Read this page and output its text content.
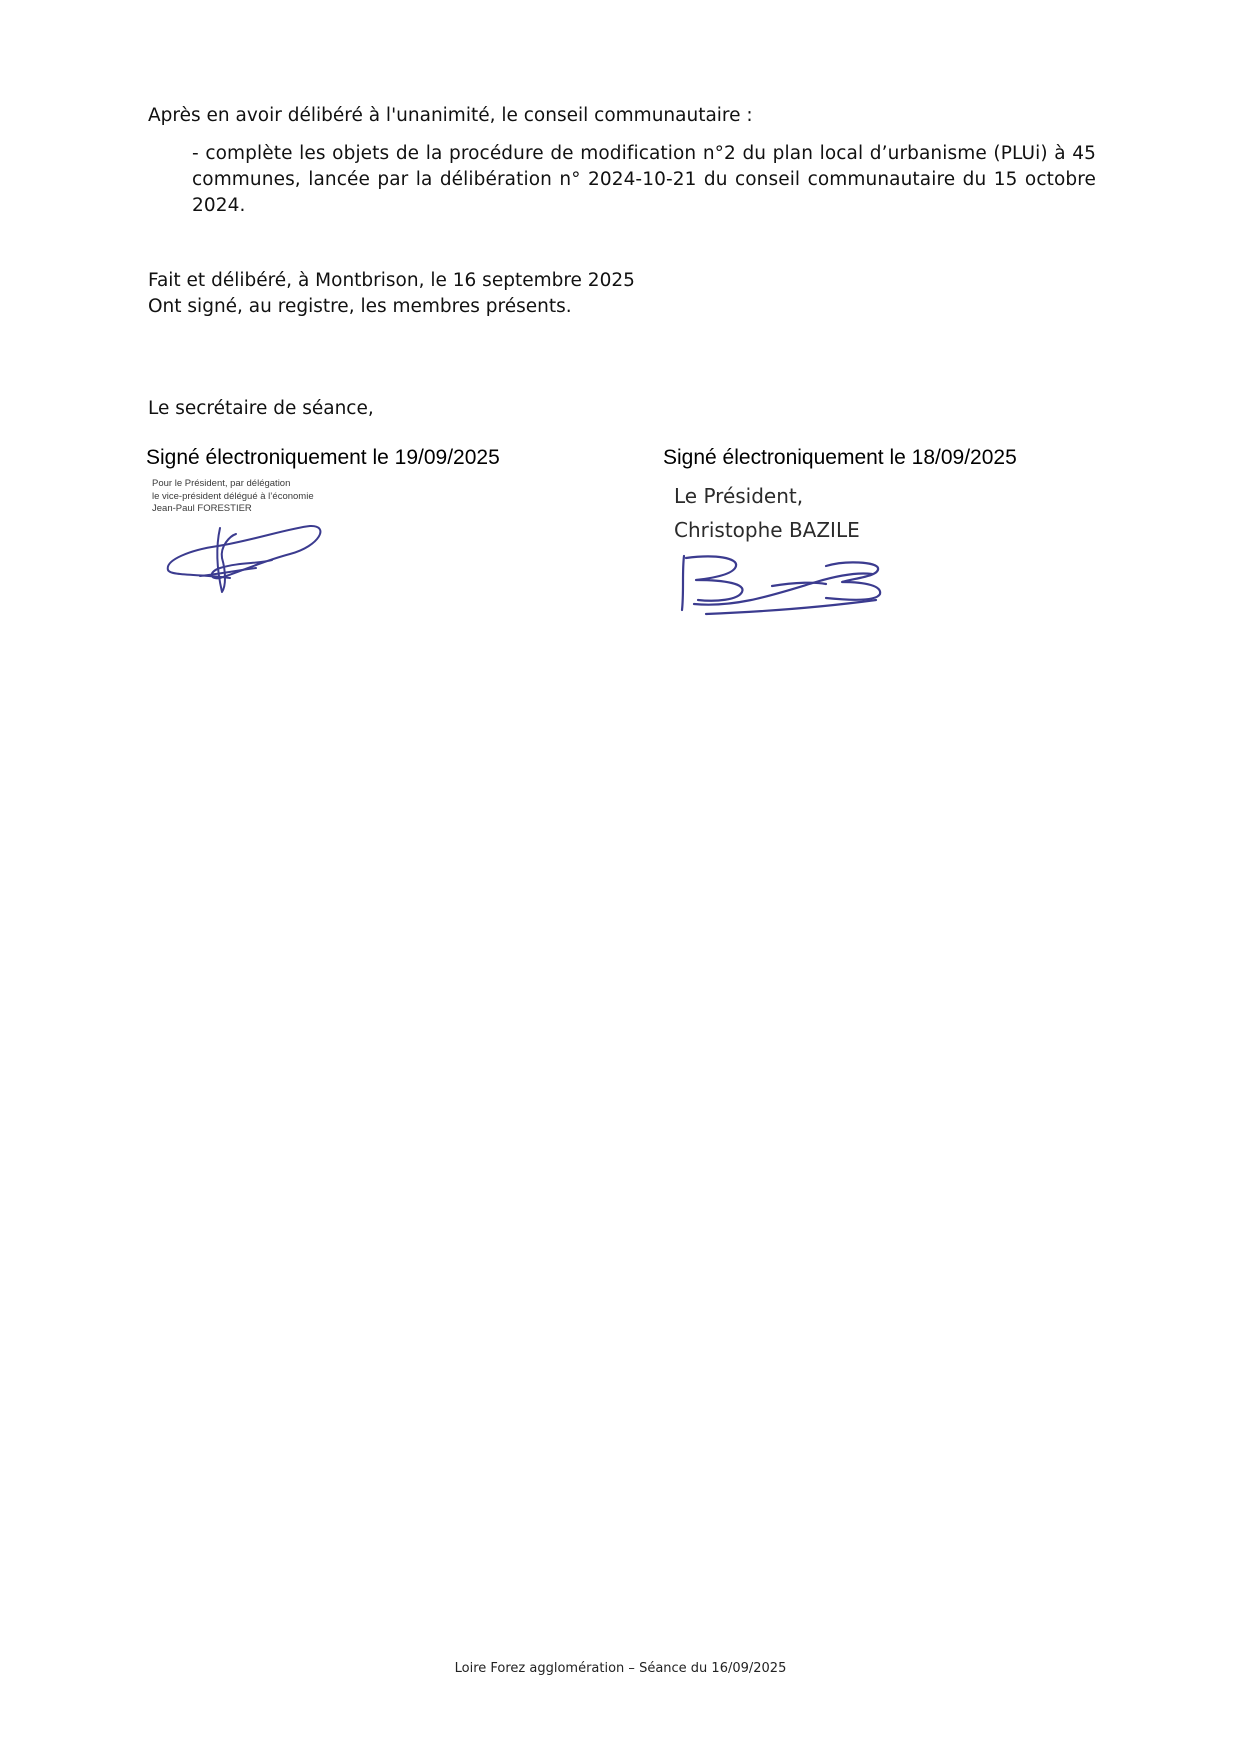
Après en avoir délibéré à l'unanimité, le conseil communautaire :
- complète les objets de la procédure de modification n°2 du plan local d’urbanisme (PLUi) à 45 communes, lancée par la délibération n° 2024-10-21 du conseil communautaire du 15 octobre 2024.
Fait et délibéré, à Montbrison, le 16 septembre 2025
Ont signé, au registre, les membres présents.
Le secrétaire de séance,
Signé électroniquement le 19/09/2025
Pour le Président, par délégation
le vice-président délégué à l’économie
Jean-Paul FORESTIER
Signé électroniquement le 18/09/2025
Le Président,
Christophe BAZILE
Loire Forez agglomération – Séance du 16/09/2025
